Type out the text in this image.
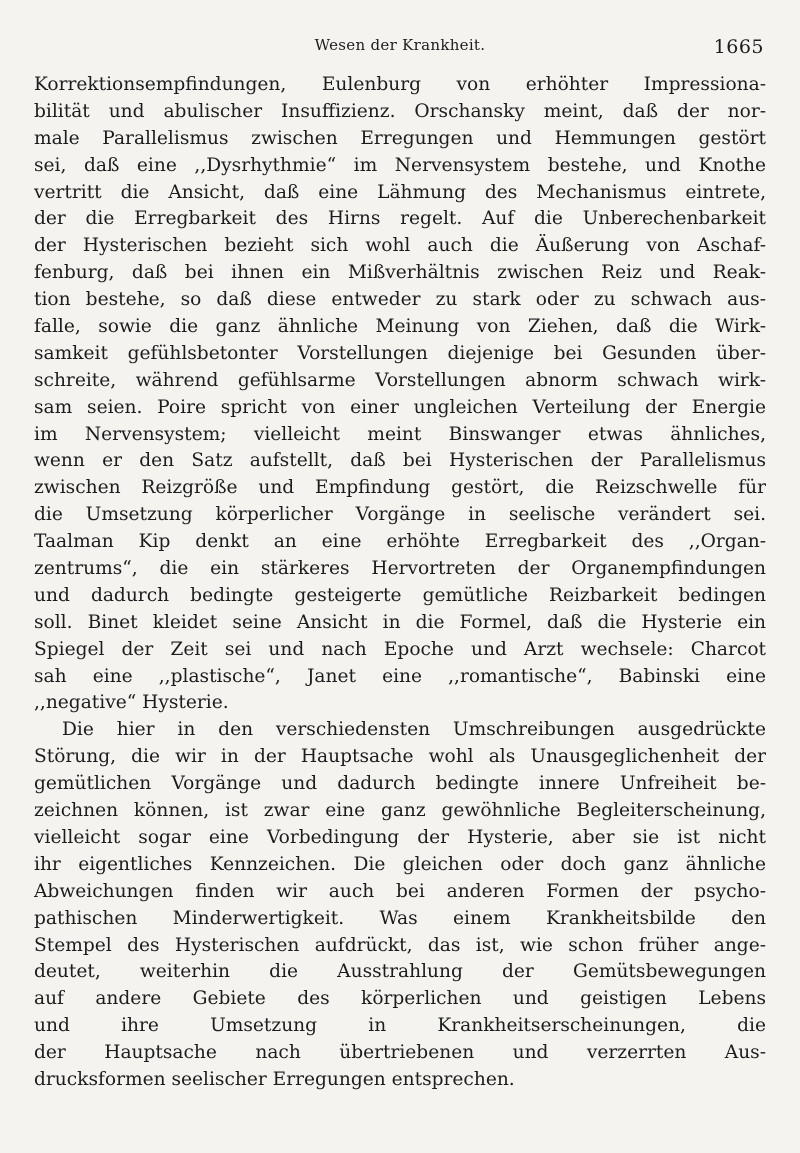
Wesen der Krankheit.	1665
Korrektionsempfindungen, Eulenburg von erhöhter Impressiona-
bilität und abulischer Insuffizienz. Orschansky meint, daß der nor-
male Parallelismus zwischen Erregungen und Hemmungen gestört
sei, daß eine ,,Dysrhythmie“ im Nervensystem bestehe, und Knothe
vertritt die Ansicht, daß eine Lähmung des Mechanismus eintrete,
der die Erregbarkeit des Hirns regelt. Auf die Unberechenbarkeit
der Hysterischen bezieht sich wohl auch die Äußerung von Aschaf-
fenburg, daß bei ihnen ein Mißverhältnis zwischen Reiz und Reak-
tion bestehe, so daß diese entweder zu stark oder zu schwach aus-
falle, sowie die ganz ähnliche Meinung von Ziehen, daß die Wirk-
samkeit gefühlsbetonter Vorstellungen diejenige bei Gesunden über-
schreite, während gefühlsarme Vorstellungen abnorm schwach wirk-
sam seien. Poire spricht von einer ungleichen Verteilung der Energie
im Nervensystem; vielleicht meint Binswanger etwas ähnliches,
wenn er den Satz aufstellt, daß bei Hysterischen der Parallelismus
zwischen Reizgröße und Empfindung gestört, die Reizschwelle für
die Umsetzung körperlicher Vorgänge in seelische verändert sei.
Taalman Kip denkt an eine erhöhte Erregbarkeit des ,,Organ-
zentrums“, die ein stärkeres Hervortreten der Organempfindungen
und dadurch bedingte gesteigerte gemütliche Reizbarkeit bedingen
soll. Binet kleidet seine Ansicht in die Formel, daß die Hysterie ein
Spiegel der Zeit sei und nach Epoche und Arzt wechsele: Charcot
sah eine ,,plastische“, Janet eine ,,romantische“, Babinski eine
,,negative“ Hysterie.
Die hier in den verschiedensten Umschreibungen ausgedrückte
Störung, die wir in der Hauptsache wohl als Unausgeglichenheit der
gemütlichen Vorgänge und dadurch bedingte innere Unfreiheit be-
zeichnen können, ist zwar eine ganz gewöhnliche Begleiterscheinung,
vielleicht sogar eine Vorbedingung der Hysterie, aber sie ist nicht
ihr eigentliches Kennzeichen. Die gleichen oder doch ganz ähnliche
Abweichungen finden wir auch bei anderen Formen der psycho-
pathischen Minderwertigkeit. Was einem Krankheitsbilde den
Stempel des Hysterischen aufdrückt, das ist, wie schon früher ange-
deutet, weiterhin die Ausstrahlung der Gemütsbewegungen
auf andere Gebiete des körperlichen und geistigen Lebens
und ihre Umsetzung in Krankheitserscheinungen, die
der Hauptsache nach übertriebenen und verzerrten Aus-
drucksformen seelischer Erregungen entsprechen.
